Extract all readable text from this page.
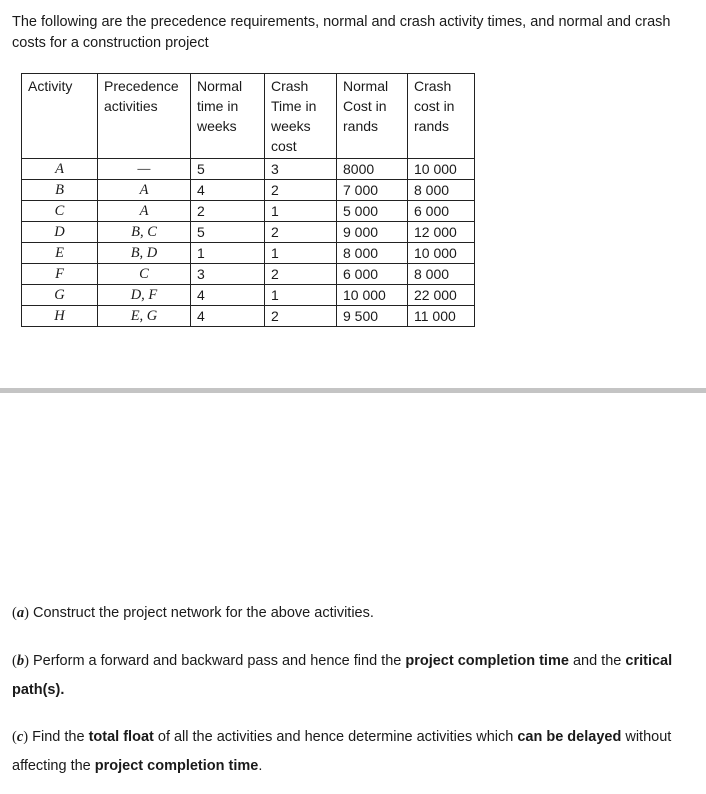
The following are the precedence requirements, normal and crash activity times, and normal and crash costs for a construction project
Activity	Precedence activities	Normal time in weeks	Crash Time in weeks cost	Normal Cost in rands	Crash cost in rands
A	—	5	3	8000	10 000
B	A	4	2	7 000	8 000
C	A	2	1	5 000	6 000
D	B, C	5	2	9 000	12 000
E	B, D	1	1	8 000	10 000
F	C	3	2	6 000	8 000
G	D, F	4	1	10 000	22 000
H	E, G	4	2	9 500	11 000
(a) Construct the project network for the above activities.
(b) Perform a forward and backward pass and hence find the project completion time and the critical path(s).
(c) Find the total float of all the activities and hence determine activities which can be delayed without affecting the project completion time.
